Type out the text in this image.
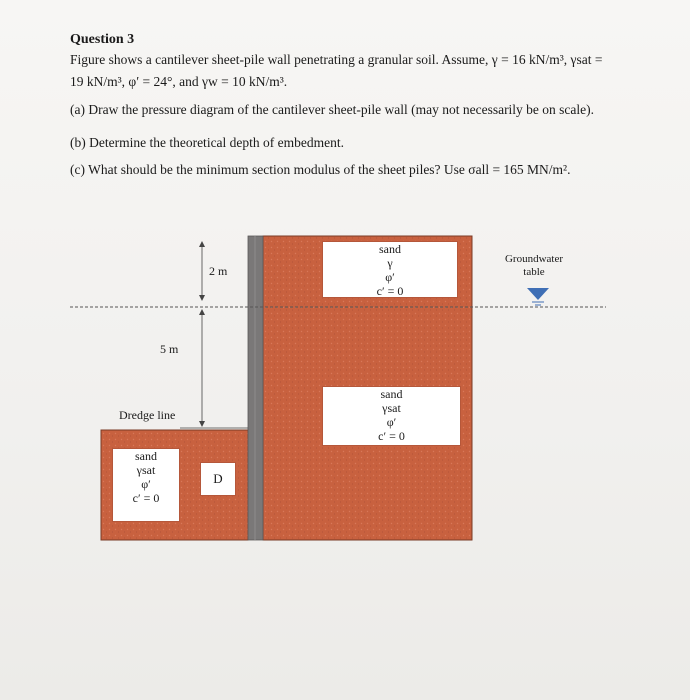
Question 3
Figure shows a cantilever sheet-pile wall penetrating a granular soil. Assume, γ = 16 kN/m³, γsat =
19 kN/m³, φ′ = 24°, and γw = 10 kN/m³.
(a) Draw the pressure diagram of the cantilever sheet-pile wall (may not necessarily be on scale).
(b) Determine the theoretical depth of embedment.
(c) What should be the minimum section modulus of the sheet piles? Use σall = 165 MN/m².
2 m
5 m
Dredge line
Groundwater
table
sand
γ
φ′
c′ = 0
sand
γsat
φ′
c′ = 0
sand
γsat
φ′
c′ = 0
D
